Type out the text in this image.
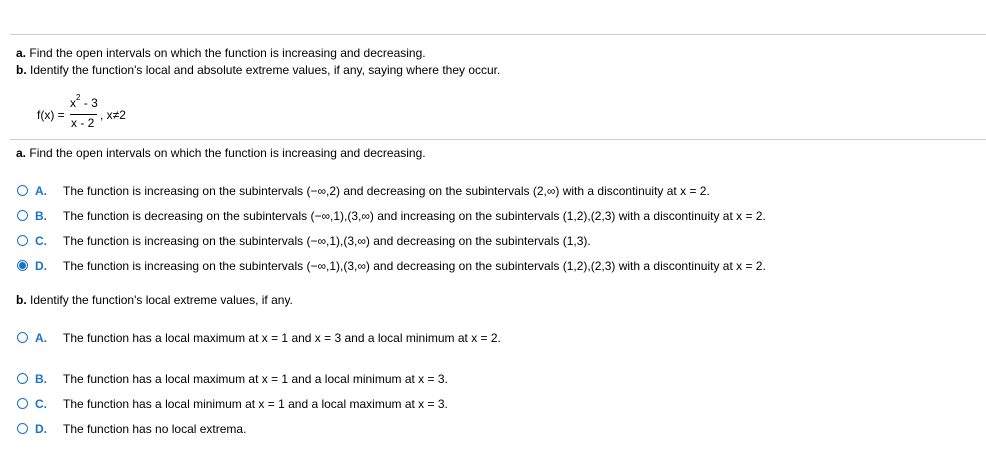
a. Find the open intervals on which the function is increasing and decreasing.
b. Identify the function's local and absolute extreme values, if any, saying where they occur.
f(x) =
$x^2 - 3$
x - 2
, x≠2
a. Find the open intervals on which the function is increasing and decreasing.
A.	The function is increasing on the subintervals (−∞,2) and decreasing on the subintervals (2,∞) with a discontinuity at x = 2.
B.	The function is decreasing on the subintervals (−∞,1),(3,∞) and increasing on the subintervals (1,2),(2,3) with a discontinuity at x = 2.
C.	The function is increasing on the subintervals (−∞,1),(3,∞) and decreasing on the subintervals (1,3).
D.	The function is increasing on the subintervals (−∞,1),(3,∞) and decreasing on the subintervals (1,2),(2,3) with a discontinuity at x = 2.
b. Identify the function's local extreme values, if any.
A.	The function has a local maximum at x = 1 and x = 3 and a local minimum at x = 2.
B.	The function has a local maximum at x = 1 and a local minimum at x = 3.
C.	The function has a local minimum at x = 1 and a local maximum at x = 3.
D.	The function has no local extrema.
